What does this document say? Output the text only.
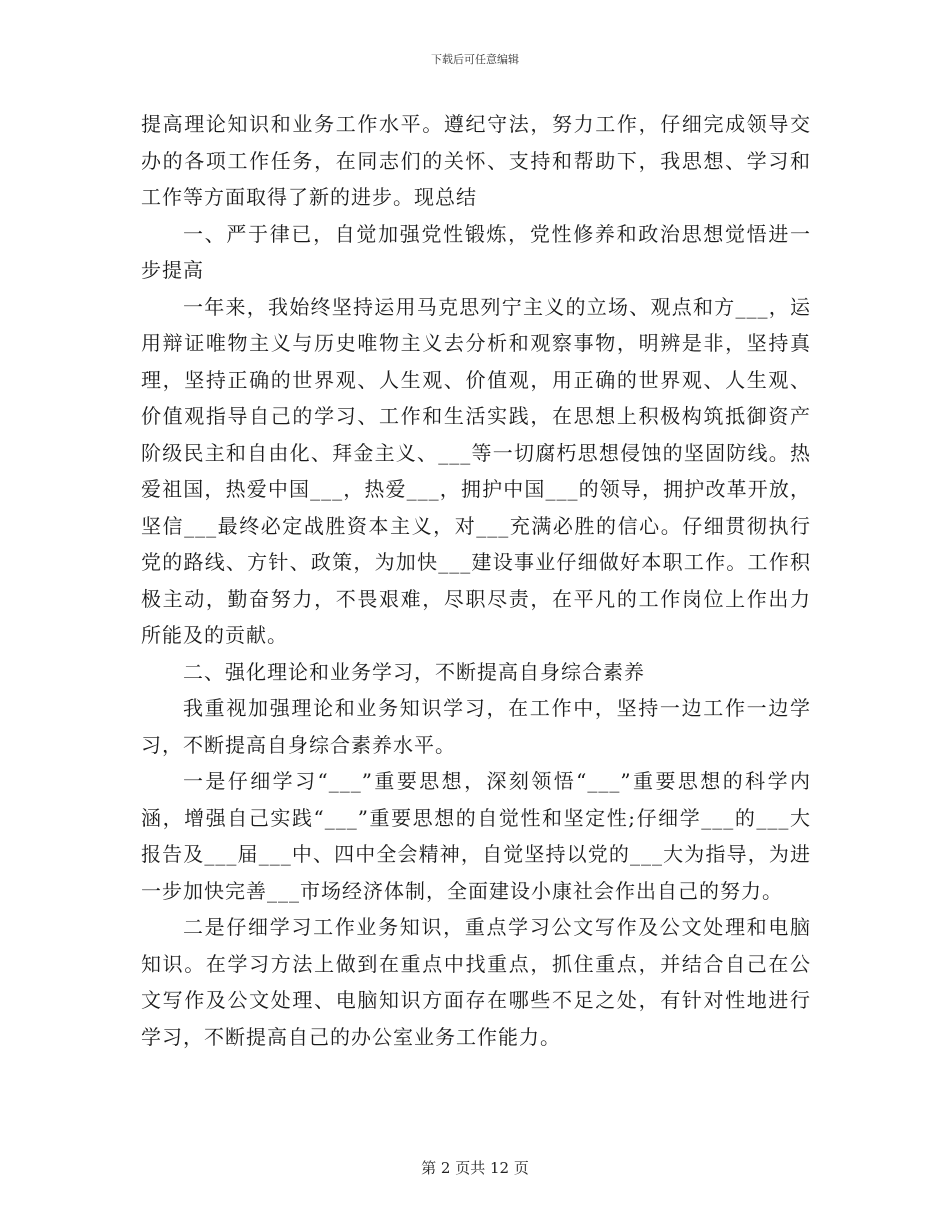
下载后可任意编辑

提高理论知识和业务工作水平。遵纪守法，努力工作，仔细完成领导交办的各项工作任务，在同志们的关怀、支持和帮助下，我思想、学习和工作等方面取得了新的进步。现总结

一、严于律已，自觉加强党性锻炼，党性修养和政治思想觉悟进一步提高

一年来，我始终坚持运用马克思列宁主义的立场、观点和方___，运用辩证唯物主义与历史唯物主义去分析和观察事物，明辨是非，坚持真理，坚持正确的世界观、人生观、价值观，用正确的世界观、人生观、价值观指导自己的学习、工作和生活实践，在思想上积极构筑抵御资产阶级民主和自由化、拜金主义、___等一切腐朽思想侵蚀的坚固防线。热爱祖国，热爱中国___，热爱___，拥护中国___的领导，拥护改革开放，坚信___最终必定战胜资本主义，对___充满必胜的信心。仔细贯彻执行党的路线、方针、政策，为加快___建设事业仔细做好本职工作。工作积极主动，勤奋努力，不畏艰难，尽职尽责，在平凡的工作岗位上作出力所能及的贡献。

二、强化理论和业务学习，不断提高自身综合素养

我重视加强理论和业务知识学习，在工作中，坚持一边工作一边学习，不断提高自身综合素养水平。

一是仔细学习“___”重要思想，深刻领悟“___”重要思想的科学内涵，增强自己实践“___”重要思想的自觉性和坚定性;仔细学___的___大报告及___届___中、四中全会精神，自觉坚持以党的___大为指导，为进一步加快完善___市场经济体制，全面建设小康社会作出自己的努力。

二是仔细学习工作业务知识，重点学习公文写作及公文处理和电脑知识。在学习方法上做到在重点中找重点，抓住重点，并结合自己在公文写作及公文处理、电脑知识方面存在哪些不足之处，有针对性地进行学习，不断提高自己的办公室业务工作能力。

第 2 页共 12 页
